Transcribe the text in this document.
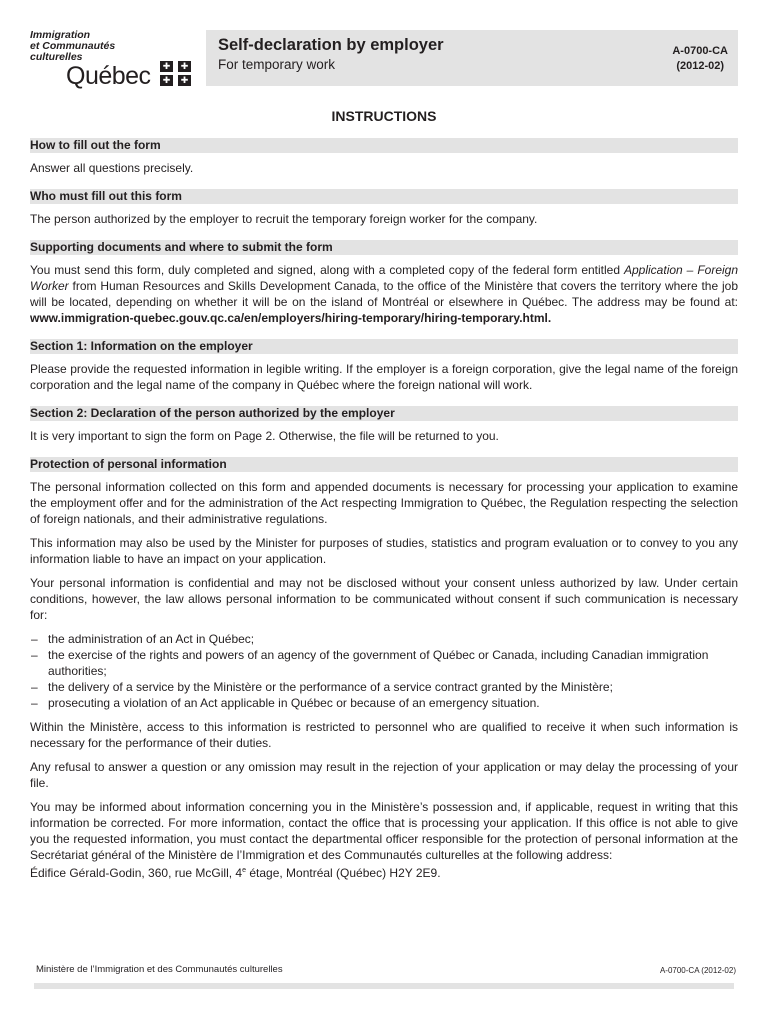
Immigration
et Communautés
culturelles
Québec	✚	✚
✚	✚
Self-declaration by employer
For temporary work
A-0700-CA
(2012-02)
INSTRUCTIONS
How to fill out the form

Answer all questions precisely.

Who must fill out this form

The person authorized by the employer to recruit the temporary foreign worker for the company.

Supporting documents and where to submit the form

You must send this form, duly completed and signed, along with a completed copy of the federal form entitled Application – Foreign Worker from Human Resources and Skills Development Canada, to the office of the Ministère that covers the territory where the job will be located, depending on whether it will be on the island of Montréal or elsewhere in Québec. The address may be found at: www.immigration-quebec.gouv.qc.ca/en/employers/hiring-temporary/hiring-temporary.html.

Section 1: Information on the employer

Please provide the requested information in legible writing. If the employer is a foreign corporation, give the legal name of the foreign corporation and the legal name of the company in Québec where the foreign national will work.

Section 2: Declaration of the person authorized by the employer

It is very important to sign the form on Page 2. Otherwise, the file will be returned to you.

Protection of personal information

The personal information collected on this form and appended documents is necessary for processing your application to examine the employment offer and for the administration of the Act respecting Immigration to Québec, the Regulation respecting the selection of foreign nationals, and their administrative regulations.

This information may also be used by the Minister for purposes of studies, statistics and program evaluation or to convey to you any information liable to have an impact on your application.

Your personal information is confidential and may not be disclosed without your consent unless authorized by law. Under certain conditions, however, the law allows personal information to be communicated without consent if such communication is necessary for:

– the administration of an Act in Québec;
– the exercise of the rights and powers of an agency of the government of Québec or Canada, including Canadian immigration authorities;
– the delivery of a service by the Ministère or the performance of a service contract granted by the Ministère;
– prosecuting a violation of an Act applicable in Québec or because of an emergency situation.

Within the Ministère, access to this information is restricted to personnel who are qualified to receive it when such information is necessary for the performance of their duties.

Any refusal to answer a question or any omission may result in the rejection of your application or may delay the processing of your file.

You may be informed about information concerning you in the Ministère’s possession and, if applicable, request in writing that this information be corrected. For more information, contact the office that is processing your application. If this office is not able to give you the requested information, you must contact the departmental officer responsible for the protection of personal information at the Secrétariat général of the Ministère de l’Immigration et des Communautés culturelles at the following address:

Édifice Gérald-Godin, 360, rue McGill, 4e étage, Montréal (Québec) H2Y 2E9.

Ministère de l’Immigration et des Communautés culturelles	A-0700-CA (2012-02)
